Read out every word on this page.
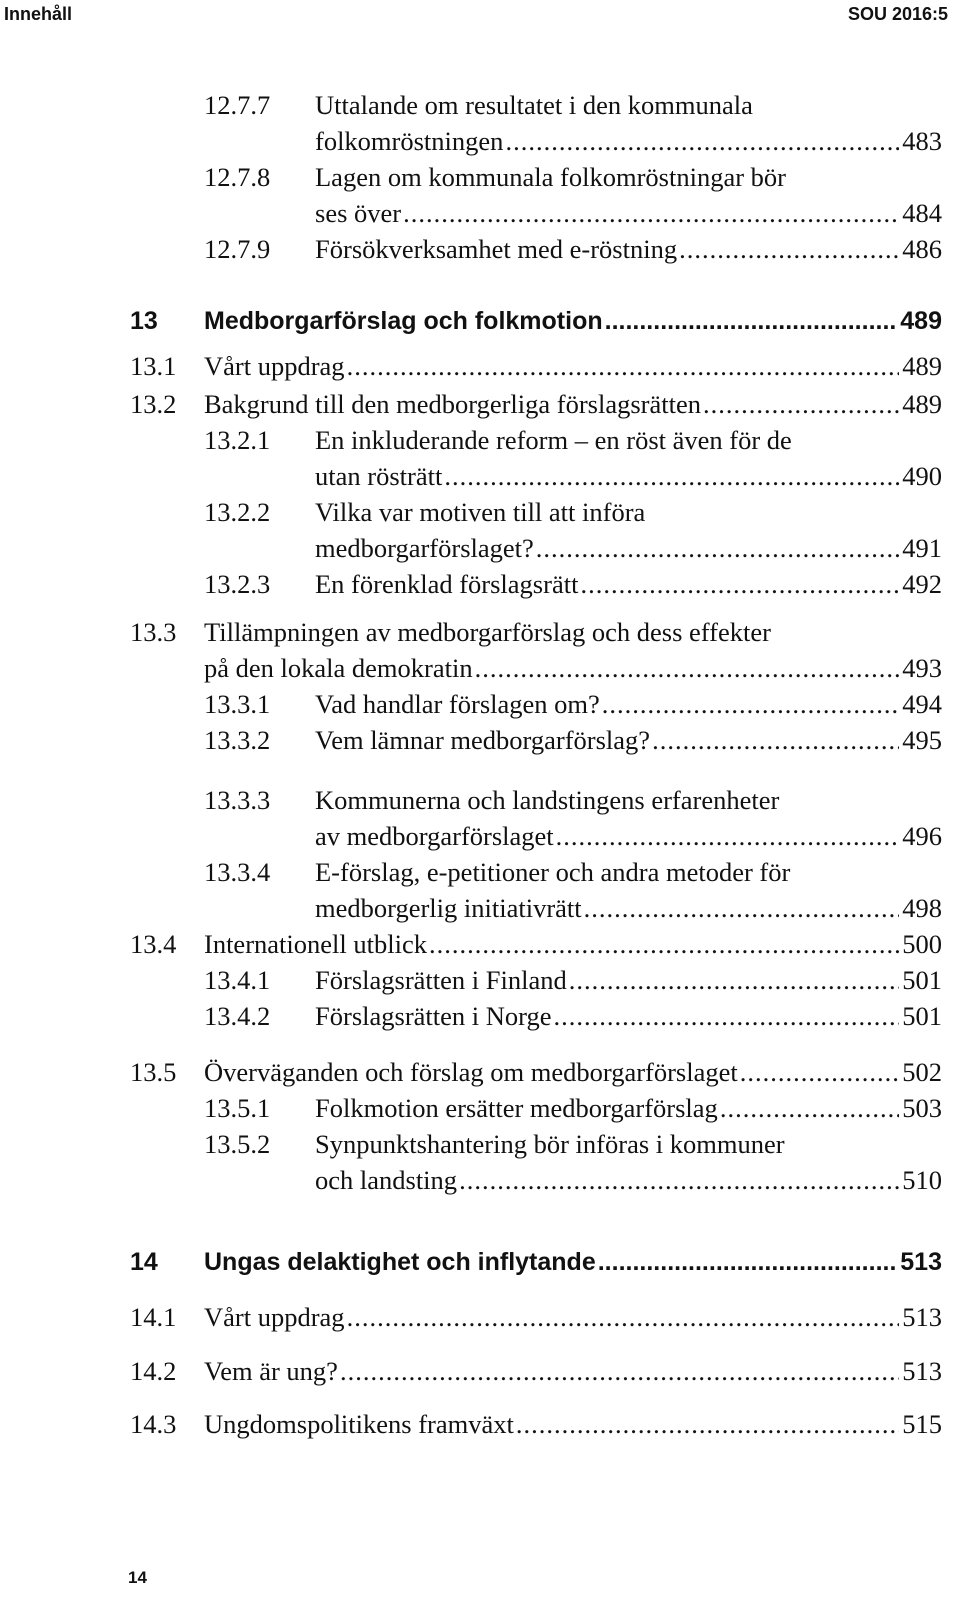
Innehåll	SOU 2016:5
12.7.7 Uttalande om resultatet i den kommunala
folkomröstningen .....	483
12.7.8 Lagen om kommunala folkomröstningar bör
ses över .....	484
12.7.9 Försökverksamhet med e-röstning .....	486
13 Medborgarförslag och folkmotion .....	489
13.1 Vårt uppdrag .....	489
13.2 Bakgrund till den medborgerliga förslagsrätten .....	489
13.2.1 En inkluderande reform – en röst även för de
utan rösträtt .....	490
13.2.2 Vilka var motiven till att införa
medborgarförslaget? .....	491
13.2.3 En förenklad förslagsrätt .....	492
13.3 Tillämpningen av medborgarförslag och dess effekter
på den lokala demokratin .....	493
13.3.1 Vad handlar förslagen om? .....	494
13.3.2 Vem lämnar medborgarförslag? .....	495
13.3.3 Kommunerna och landstingens erfarenheter
av medborgarförslaget .....	496
13.3.4 E-förslag, e-petitioner och andra metoder för
medborgerlig initiativrätt .....	498
13.4 Internationell utblick .....	500
13.4.1 Förslagsrätten i Finland .....	501
13.4.2 Förslagsrätten i Norge .....	501
13.5 Överväganden och förslag om medborgarförslaget .....	502
13.5.1 Folkmotion ersätter medborgarförslag .....	503
13.5.2 Synpunktshantering bör införas i kommuner
och landsting .....	510
14 Ungas delaktighet och inflytande .....	513
14.1 Vårt uppdrag .....	513
14.2 Vem är ung? .....	513
14.3 Ungdomspolitikens framväxt .....	515
14
